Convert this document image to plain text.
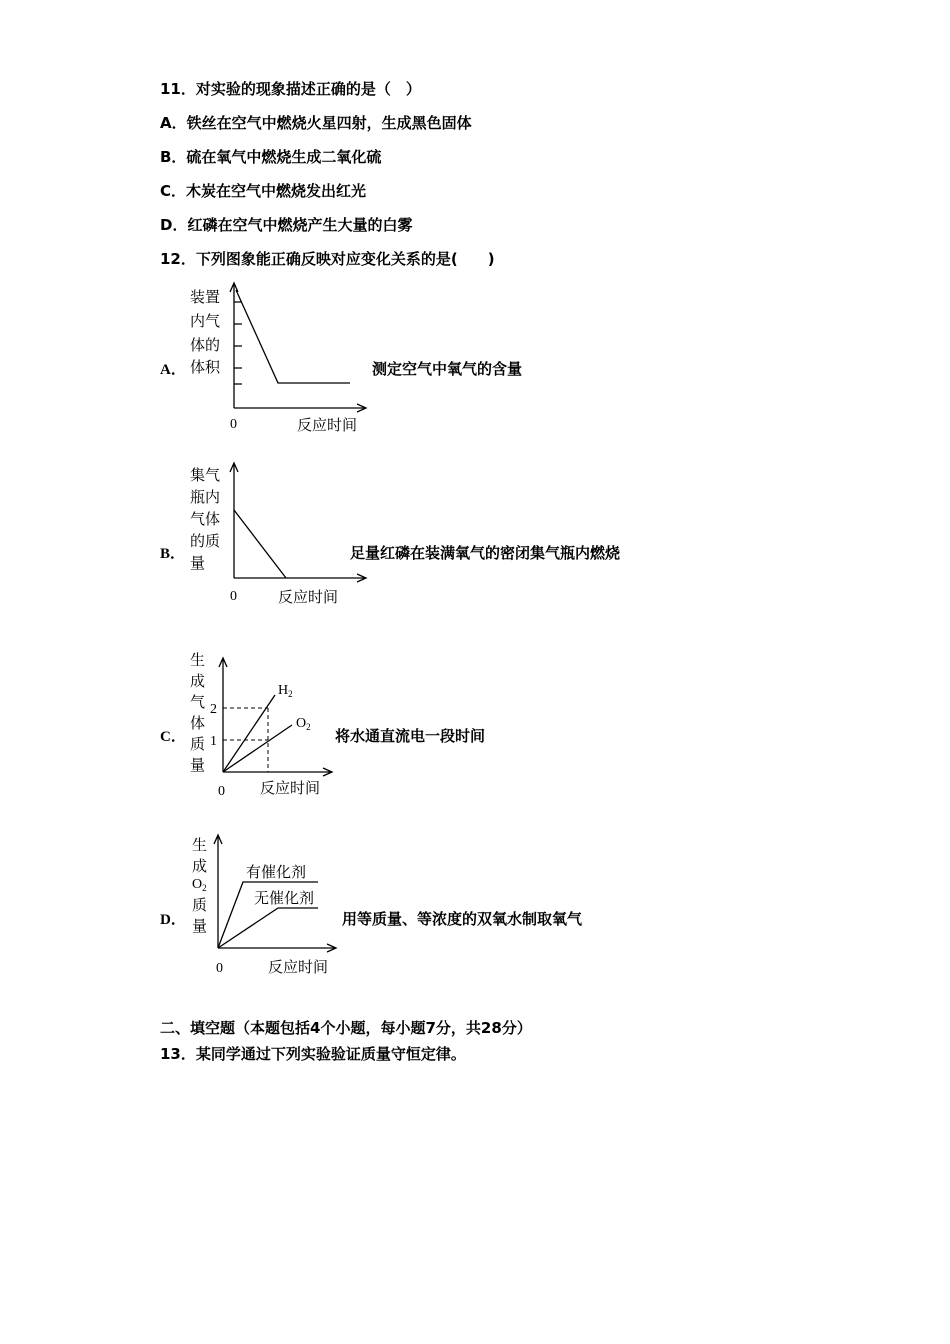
11．对实验的现象描述正确的是（　）
A．铁丝在空气中燃烧火星四射，生成黑色固体
B．硫在氧气中燃烧生成二氧化硫
C．木炭在空气中燃烧发出红光
D．红磷在空气中燃烧产生大量的白雾
12．下列图象能正确反映对应变化关系的是(　　)
A．
装置
内气
体的
体积
0	反应时间
测定空气中氧气的含量
B．
集气
瓶内
气体
的质
量
0	反应时间
足量红磷在装满氧气的密闭集气瓶内燃烧
C．
生
成
气
体
质
量
2
1
$H_2$
$O_2$
0 反应时间
将水通直流电一段时间
D．
生
成
$O_2$
质
量
有催化剂
无催化剂
0	反应时间
用等质量、等浓度的双氧水制取氧气
二、填空题（本题包括4个小题，每小题7分，共28分）
13．某同学通过下列实验验证质量守恒定律。
